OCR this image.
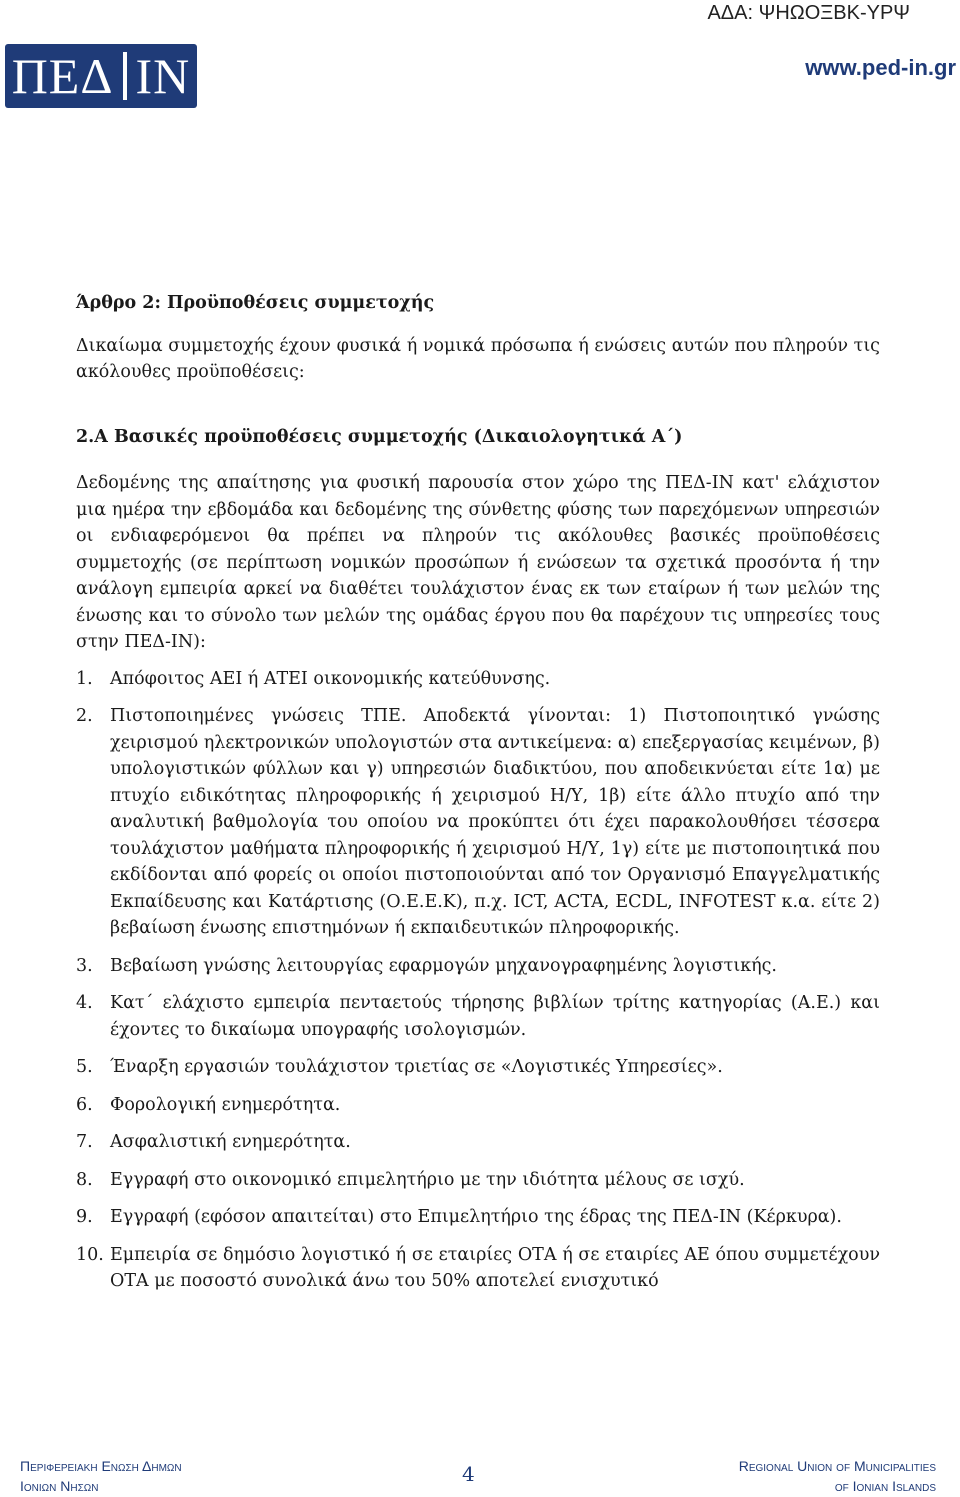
ΑΔΑ: ΨΗΩΟΞΒΚ-ΥΡΨ
ΠΕΔ ΙΝ	www.ped-in.gr

Άρθρο 2: Προϋποθέσεις συμμετοχής

Δικαίωμα συμμετοχής έχουν φυσικά ή νομικά πρόσωπα ή ενώσεις αυτών που πληρούν τις ακόλουθες προϋποθέσεις:

2.Α Βασικές προϋποθέσεις συμμετοχής (Δικαιολογητικά Α΄)

Δεδομένης της απαίτησης για φυσική παρουσία στον χώρο της ΠΕΔ-ΙΝ κατ' ελάχιστον μια ημέρα την εβδομάδα και δεδομένης της σύνθετης φύσης των παρεχόμενων υπηρεσιών οι ενδιαφερόμενοι θα πρέπει να πληρούν τις ακόλουθες βασικές προϋποθέσεις συμμετοχής (σε περίπτωση νομικών προσώπων ή ενώσεων τα σχετικά προσόντα ή την ανάλογη εμπειρία αρκεί να διαθέτει τουλάχιστον ένας εκ των εταίρων ή των μελών της ένωσης και το σύνολο των μελών της ομάδας έργου που θα παρέχουν τις υπηρεσίες τους στην ΠΕΔ-ΙΝ):

1. Απόφοιτος ΑΕΙ ή ΑΤΕΙ οικονομικής κατεύθυνσης.
2. Πιστοποιημένες γνώσεις ΤΠΕ. Αποδεκτά γίνονται: 1) Πιστοποιητικό γνώσης χειρισμού ηλεκτρονικών υπολογιστών στα αντικείμενα: α) επεξεργασίας κειμένων, β) υπολογιστικών φύλλων και γ) υπηρεσιών διαδικτύου, που αποδεικνύεται είτε 1α) με πτυχίο ειδικότητας πληροφορικής ή χειρισμού Η/Υ, 1β) είτε άλλο πτυχίο από την αναλυτική βαθμολογία του οποίου να προκύπτει ότι έχει παρακολουθήσει τέσσερα τουλάχιστον μαθήματα πληροφορικής ή χειρισμού Η/Υ, 1γ) είτε με πιστοποιητικά που εκδίδονται από φορείς οι οποίοι πιστοποιούνται από τον Οργανισμό Επαγγελματικής Εκπαίδευσης και Κατάρτισης (Ο.Ε.Ε.Κ), π.χ. ICT, ACTA, ECDL, INFOTEST κ.α. είτε 2) βεβαίωση ένωσης επιστημόνων ή εκπαιδευτικών πληροφορικής.
3. Βεβαίωση γνώσης λειτουργίας εφαρμογών μηχανογραφημένης λογιστικής.
4. Κατ΄ ελάχιστο εμπειρία πενταετούς τήρησης βιβλίων τρίτης κατηγορίας (Α.Ε.) και έχοντες το δικαίωμα υπογραφής ισολογισμών.
5. Έναρξη εργασιών τουλάχιστον τριετίας σε «Λογιστικές Υπηρεσίες».
6. Φορολογική ενημερότητα.
7. Ασφαλιστική ενημερότητα.
8. Εγγραφή στο οικονομικό επιμελητήριο με την ιδιότητα μέλους σε ισχύ.
9. Εγγραφή (εφόσον απαιτείται) στο Επιμελητήριο της έδρας της ΠΕΔ-ΙΝ (Κέρκυρα).
10. Εμπειρία σε δημόσιο λογιστικό ή σε εταιρίες ΟΤΑ ή σε εταιρίες ΑΕ όπου συμμετέχουν ΟΤΑ με ποσοστό συνολικά άνω του 50% αποτελεί ενισχυτικό
Περιφερειακη Ενωση Δημων
Ιονιων Νησων	4	Regional Union of Municipalities
of Ionian Islands
